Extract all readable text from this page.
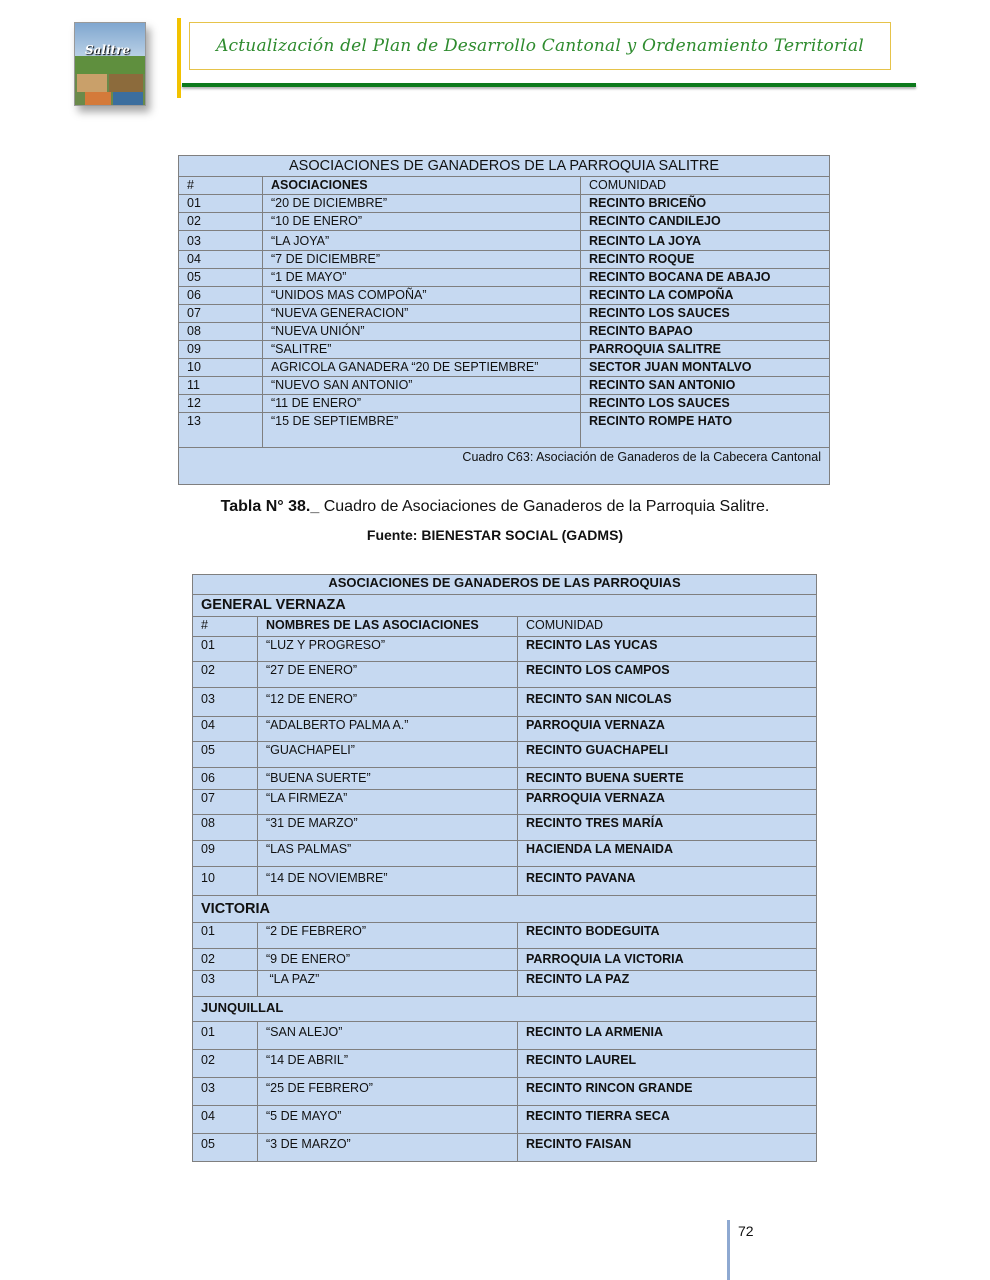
Salitre	Actualización del Plan de Desarrollo Cantonal y Ordenamiento Territorial
ASOCIACIONES DE GANADEROS DE LA PARROQUIA SALITRE		
#	ASOCIACIONES	COMUNIDAD
01	“20 DE DICIEMBRE”	RECINTO BRICEÑO
02	“10 DE ENERO”	RECINTO CANDILEJO
03	“LA JOYA”	RECINTO LA JOYA
04	“7 DE DICIEMBRE”	RECINTO ROQUE
05	“1 DE MAYO”	RECINTO BOCANA DE ABAJO
06	“UNIDOS MAS COMPOÑA”	RECINTO LA COMPOÑA
07	“NUEVA GENERACION”	RECINTO LOS SAUCES
08	“NUEVA UNIÓN”	RECINTO BAPAO
09	“SALITRE”	PARROQUIA SALITRE
10	AGRICOLA GANADERA “20 DE SEPTIEMBRE”	SECTOR JUAN MONTALVO
11	“NUEVO SAN ANTONIO”	RECINTO SAN ANTONIO
12	“11 DE ENERO”	RECINTO LOS SAUCES
13	“15 DE SEPTIEMBRE”	RECINTO ROMPE HATO
Cuadro C63: Asociación de Ganaderos de la Cabecera Cantonal		
Tabla N° 38._ Cuadro de Asociaciones de Ganaderos de la Parroquia Salitre.
Fuente: BIENESTAR SOCIAL (GADMS)
ASOCIACIONES DE GANADEROS DE LAS PARROQUIAS		
GENERAL VERNAZA		
#	NOMBRES DE LAS ASOCIACIONES	COMUNIDAD
01	“LUZ Y PROGRESO”	RECINTO LAS YUCAS
02	“27 DE ENERO”	RECINTO LOS CAMPOS
03	“12 DE ENERO”	RECINTO SAN NICOLAS
04	“ADALBERTO PALMA A.”	PARROQUIA VERNAZA
05	“GUACHAPELI”	RECINTO GUACHAPELI
06	“BUENA SUERTE”	RECINTO BUENA SUERTE
07	“LA FIRMEZA”	PARROQUIA VERNAZA
08	“31 DE MARZO”	RECINTO TRES MARÍA
09	“LAS PALMAS”	HACIENDA LA MENAIDA
10	“14 DE NOVIEMBRE”	RECINTO PAVANA
VICTORIA		
01	“2 DE FEBRERO”	RECINTO BODEGUITA
02	“9 DE ENERO”	PARROQUIA LA VICTORIA
03	“LA PAZ”	RECINTO LA PAZ
JUNQUILLAL		
01	“SAN ALEJO”	RECINTO LA ARMENIA
02	“14 DE ABRIL”	RECINTO LAUREL
03	“25 DE FEBRERO”	RECINTO RINCON GRANDE
04	“5 DE MAYO”	RECINTO TIERRA SECA
05	“3 DE MARZO”	RECINTO FAISAN
72
